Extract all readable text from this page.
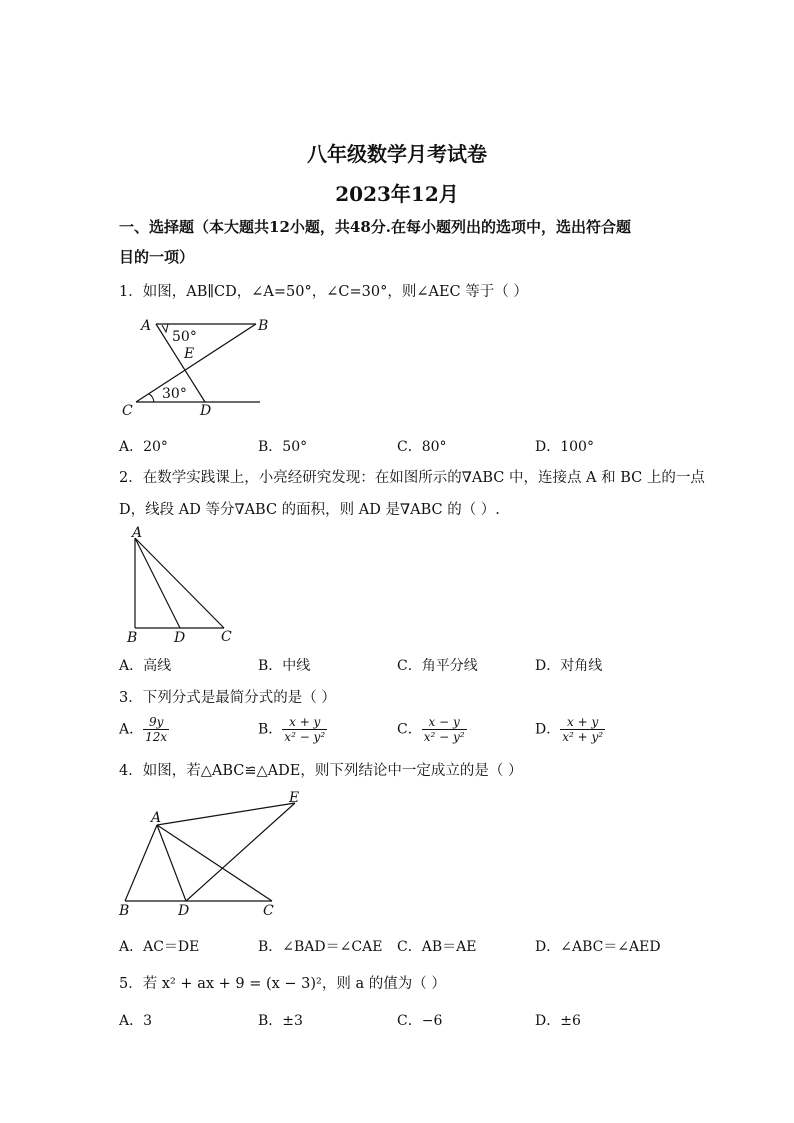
八年级数学月考试卷
2023年12月
一、选择题（本大题共12小题，共48分.在每小题列出的选项中，选出符合题
目的一项）
1．如图，AB∥CD，∠A=50°，∠C=30°，则∠AEC 等于（ ）
A	B
E
C	D
50°
30°
A．20°	B．50°	C．80°	D．100°
2．在数学实践课上，小亮经研究发现：在如图所示的∇ABC 中，连接点 A 和 BC 上的一点
D，线段 AD 等分∇ABC 的面积，则 AD 是∇ABC 的（ ）.
A
B	D	C
A．高线	B．中线	C．角平分线	D．对角线
3．下列分式是最简分式的是（ ）
A． $\frac{9y}{12x}$	B． $\frac{x + y}{\text{x² − y²}}$	C． $\frac{x - y}{\text{x² − y²}}$	D． $\frac{x + y}{\text{x² + y²}}$
4．如图，若△ABC≌△ADE，则下列结论中一定成立的是（ ）
E
A
B	D	C
A．AC＝DE	B．∠BAD＝∠CAE C．AB＝AE	D．∠ABC＝∠AED
5．若 x² + ax + 9 = (x − 3)²，则 a 的值为（ ）
A．3	B．±3	C．−6	D．±6
